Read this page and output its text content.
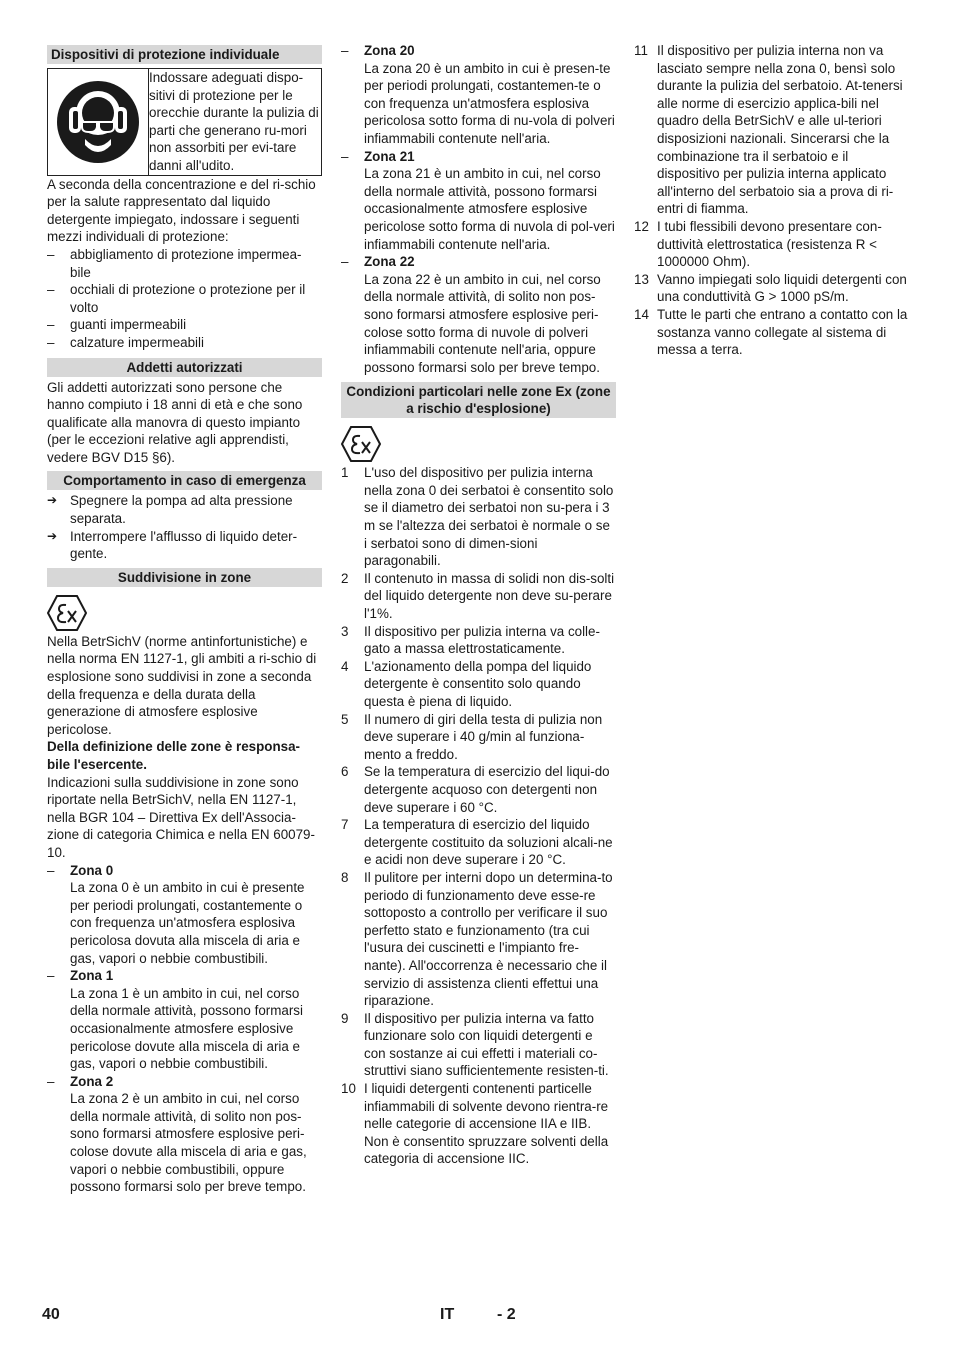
Dispositivi di protezione individuale
Indossare adeguati dispo-sitivi di protezione per le orecchie durante la pulizia di parti che generano ru-mori non assorbiti per evi-tare danni all'udito.

A seconda della concentrazione e del ri-schio per la salute rappresentato dal liquido detergente impiegato, indossare i seguenti mezzi individuali di protezione:

– abbigliamento di protezione impermea-bile
– occhiali di protezione o protezione per il volto
– guanti impermeabili
– calzature impermeabili
Addetti autorizzati

Gli addetti autorizzati sono persone che hanno compiuto i 18 anni di età e che sono qualificate alla manovra di questo impianto (per le eccezioni relative agli apprendisti, vedere BGV D15 §6).

Comportamento in caso di emergenza
➔ Spegnere la pompa ad alta pressione separata.
➔ Interrompere l'afflusso di liquido deter-gente.
Suddivisione in zone

Nella BetrSichV (norme antinfortunistiche) e nella norma EN 1127-1, gli ambiti a ri-schio di esplosione sono suddivisi in zone a seconda della frequenza e della durata della generazione di atmosfere esplosive pericolose.

Della definizione delle zone è responsa-bile l'esercente.

Indicazioni sulla suddivisione in zone sono riportate nella BetrSichV, nella EN 1127-1, nella BGR 104 – Direttiva Ex dell'Associa-zione di categoria Chimica e nella EN 60079-10.

– Zona 0
La zona 0 è un ambito in cui è presente per periodi prolungati, costantemente o con frequenza un'atmosfera esplosiva pericolosa dovuta alla miscela di aria e gas, vapori o nebbie combustibili.
– Zona 1
La zona 1 è un ambito in cui, nel corso della normale attività, possono formarsi occasionalmente atmosfere esplosive pericolose dovute alla miscela di aria e gas, vapori o nebbie combustibili.
– Zona 2
La zona 2 è un ambito in cui, nel corso della normale attività, di solito non pos-sono formarsi atmosfere esplosive peri-colose dovute alla miscela di aria e gas, vapori o nebbie combustibili, oppure possono formarsi solo per breve tempo.
– Zona 20
La zona 20 è un ambito in cui è presen-te per periodi prolungati, costantemen-te o con frequenza un'atmosfera esplosiva pericolosa sotto forma di nu-vola di polveri infiammabili contenute nell'aria.
– Zona 21
La zona 21 è un ambito in cui, nel corso della normale attività, possono formarsi occasionalmente atmosfere esplosive pericolose sotto forma di nuvola di pol-veri infiammabili contenute nell'aria.
– Zona 22
La zona 22 è un ambito in cui, nel corso della normale attività, di solito non pos-sono formarsi atmosfere esplosive peri-colose sotto forma di nuvole di polveri infiammabili contenute nell'aria, oppure possono formarsi solo per breve tempo.
Condizioni particolari nelle zone Ex (zone a rischio d'esplosione)
1 L'uso del dispositivo per pulizia interna nella zona 0 dei serbatoi è consentito solo se il diametro dei serbatoi non su-pera i 3 m se l'altezza dei serbatoi è normale o se i serbatoi sono di dimen-sioni paragonabili.
2 Il contenuto in massa di solidi non dis-solti del liquido detergente non deve su-perare l'1%.
3 Il dispositivo per pulizia interna va colle-gato a massa elettrostaticamente.
4 L'azionamento della pompa del liquido detergente è consentito solo quando questa è piena di liquido.
5 Il numero di giri della testa di pulizia non deve superare i 40 g/min al funziona-mento a freddo.
6 Se la temperatura di esercizio del liqui-do detergente acquoso con detergenti non deve superare i 60 °C.
7 La temperatura di esercizio del liquido detergente costituito da soluzioni alcali-ne e acidi non deve superare i 20 °C.
8 Il pulitore per interni dopo un determina-to periodo di funzionamento deve esse-re sottoposto a controllo per verificare il suo perfetto stato e funzionamento (tra cui l'usura dei cuscinetti e l'impianto fre-nante). All'occorrenza è necessario che il servizio di assistenza clienti effettui una riparazione.
9 Il dispositivo per pulizia interna va fatto funzionare solo con liquidi detergenti e con sostanze ai cui effetti i materiali co-struttivi siano sufficientemente resisten-ti.
10 I liquidi detergenti contenenti particelle infiammabili di solvente devono rientra-re nelle categorie di accensione IIA e IIB. Non è consentito spruzzare solventi della categoria di accensione IIC.
11 Il dispositivo per pulizia interna non va lasciato sempre nella zona 0, bensì solo durante la pulizia del serbatoio. At-tenersi alle norme di esercizio applica-bili nel quadro della BetrSichV e alle ul-teriori disposizioni nazionali. Sincerarsi che la combinazione tra il serbatoio e il dispositivo per pulizia interna applicato all'interno del serbatoio sia a prova di ri-entri di fiamma.
12 I tubi flessibili devono presentare con-duttività elettrostatica (resistenza R < 1000000 Ohm).
13 Vanno impiegati solo liquidi detergenti con una conduttività G > 1000 pS/m.
14 Tutte le parti che entrano a contatto con la sostanza vanno collegate al sistema di messa a terra.
40	IT	- 2
